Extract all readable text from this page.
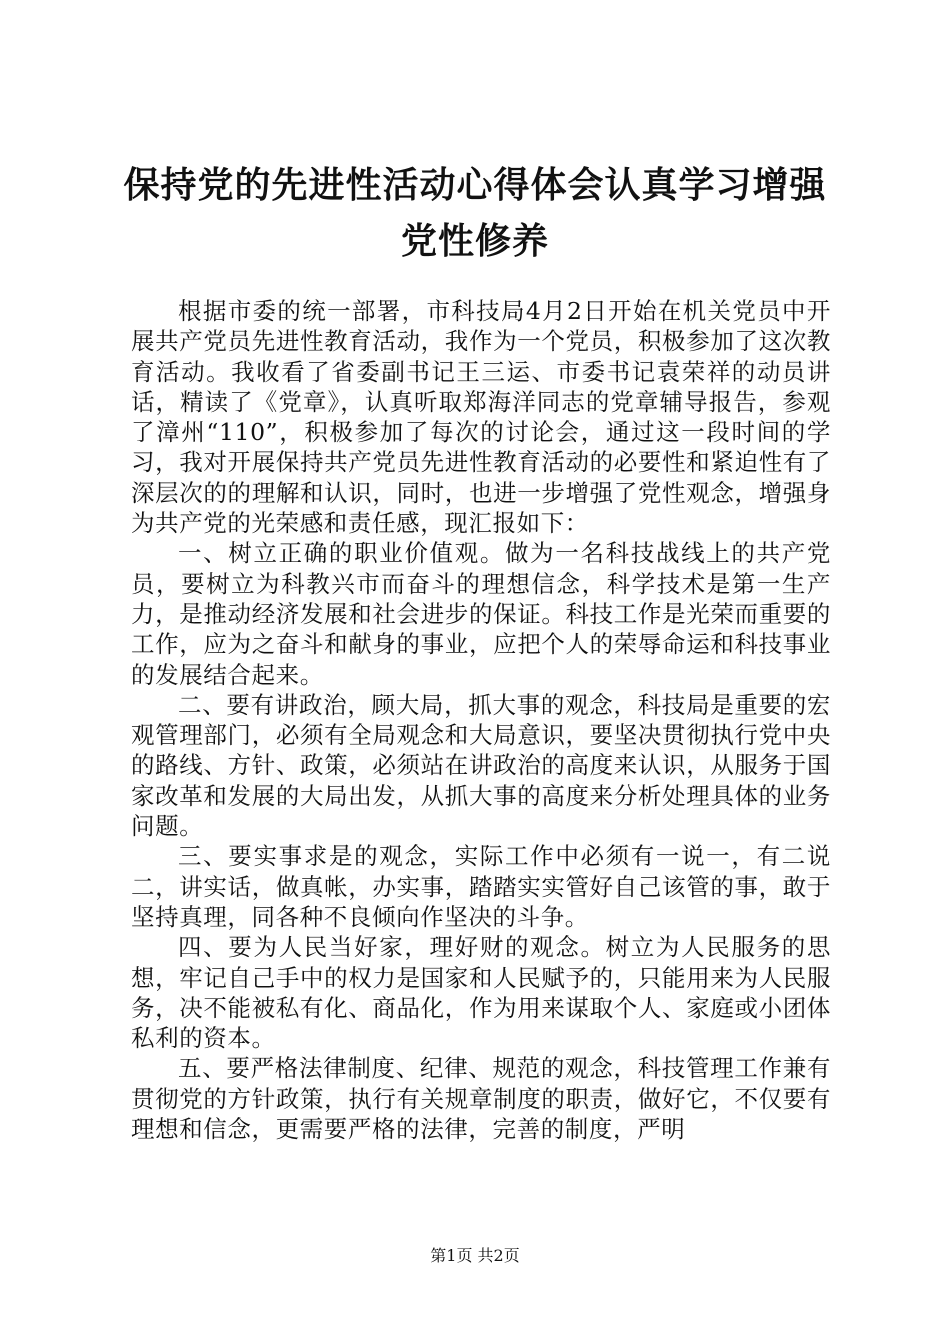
保持党的先进性活动心得体会认真学习增强党性修养

根据市委的统一部署，市科技局4月2日开始在机关党员中开展共产党员先进性教育活动，我作为一个党员，积极参加了这次教育活动。我收看了省委副书记王三运、市委书记袁荣祥的动员讲话，精读了《党章》，认真听取郑海洋同志的党章辅导报告，参观了漳州“110”，积极参加了每次的讨论会，通过这一段时间的学习，我对开展保持共产党员先进性教育活动的必要性和紧迫性有了深层次的的理解和认识，同时，也进一步增强了党性观念，增强身为共产党的光荣感和责任感，现汇报如下：

一、树立正确的职业价值观。做为一名科技战线上的共产党员，要树立为科教兴市而奋斗的理想信念，科学技术是第一生产力，是推动经济发展和社会进步的保证。科技工作是光荣而重要的工作，应为之奋斗和献身的事业，应把个人的荣辱命运和科技事业的发展结合起来。

二、要有讲政治，顾大局，抓大事的观念，科技局是重要的宏观管理部门，必须有全局观念和大局意识，要坚决贯彻执行党中央的路线、方针、政策，必须站在讲政治的高度来认识，从服务于国家改革和发展的大局出发，从抓大事的高度来分析处理具体的业务问题。

三、要实事求是的观念，实际工作中必须有一说一，有二说二，讲实话，做真帐，办实事，踏踏实实管好自己该管的事，敢于坚持真理，同各种不良倾向作坚决的斗争。

四、要为人民当好家，理好财的观念。树立为人民服务的思想，牢记自己手中的权力是国家和人民赋予的，只能用来为人民服务，决不能被私有化、商品化，作为用来谋取个人、家庭或小团体私利的资本。

五、要严格法律制度、纪律、规范的观念，科技管理工作兼有贯彻党的方针政策，执行有关规章制度的职责，做好它，不仅要有理想和信念，更需要严格的法律，完善的制度，严明

第1页 共2页
